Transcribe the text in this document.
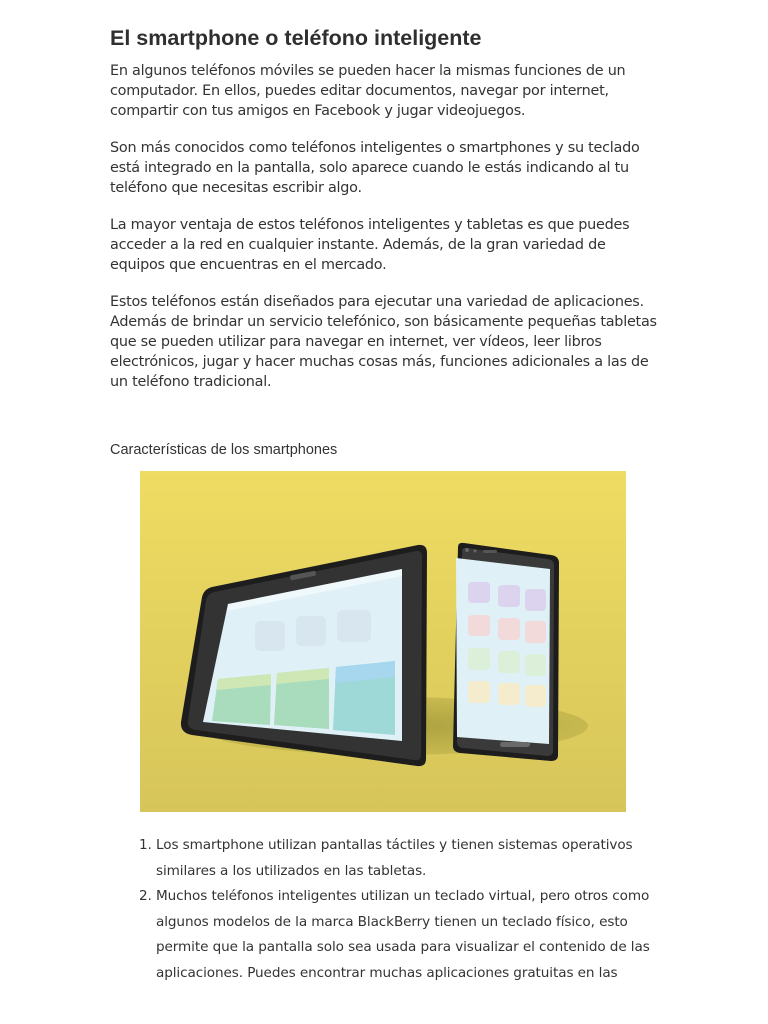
El smartphone o teléfono inteligente

En algunos teléfonos móviles se pueden hacer la mismas funciones de un computador. En ellos, puedes editar documentos, navegar por internet, compartir con tus amigos en Facebook y jugar videojuegos.

Son más conocidos como teléfonos inteligentes o smartphones y su teclado está integrado en la pantalla, solo aparece cuando le estás indicando al tu teléfono que necesitas escribir algo.

La mayor ventaja de estos teléfonos inteligentes y tabletas es que puedes acceder a la red en cualquier instante. Además, de la gran variedad de equipos que encuentras en el mercado.

Estos teléfonos están diseñados para ejecutar una variedad de aplicaciones. Además de brindar un servicio telefónico, son básicamente pequeñas tabletas que se pueden utilizar para navegar en internet, ver vídeos, leer libros electrónicos, jugar y hacer muchas cosas más, funciones adicionales a las de un teléfono tradicional.

Características de los smartphones

1. Los smartphone utilizan pantallas táctiles y tienen sistemas operativos similares a los utilizados en las tabletas.
2. Muchos teléfonos inteligentes utilizan un teclado virtual, pero otros como algunos modelos de la marca BlackBerry tienen un teclado físico, esto permite que la pantalla solo sea usada para visualizar el contenido de las aplicaciones. Puedes encontrar muchas aplicaciones gratuitas en las
